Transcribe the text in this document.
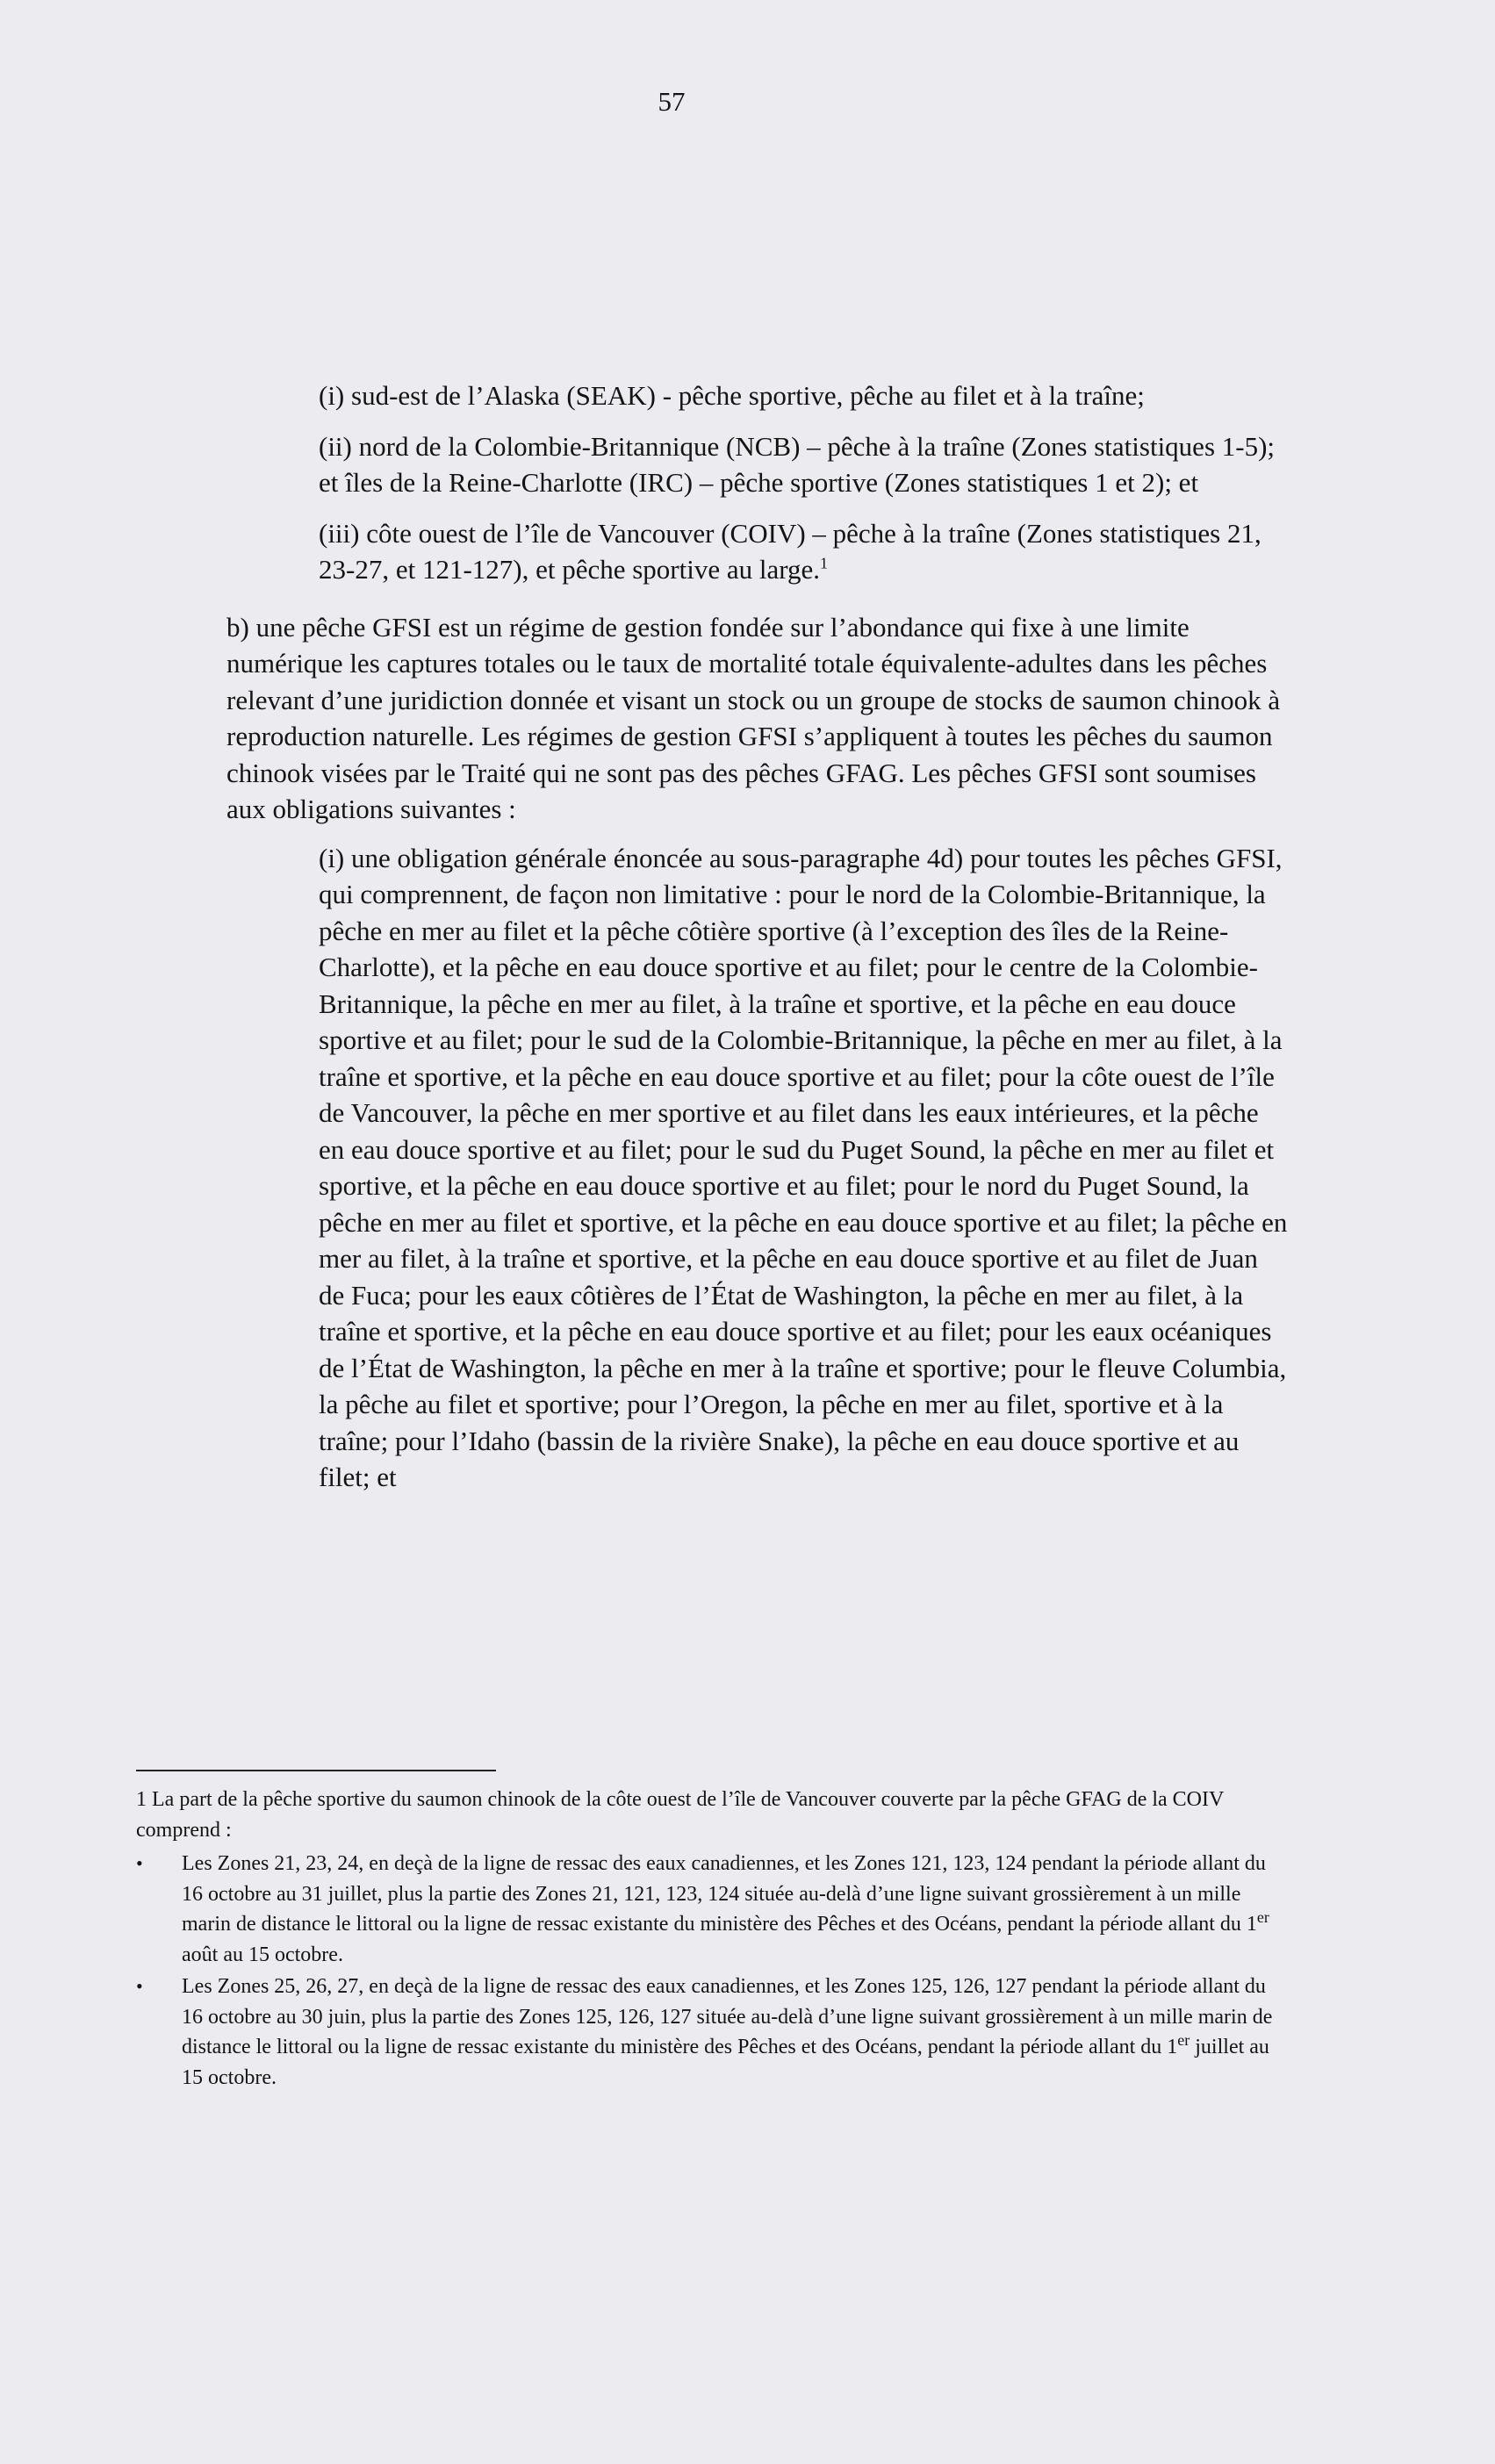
57

(i) sud-est de l’Alaska (SEAK) - pêche sportive, pêche au filet et à la traîne;

(ii) nord de la Colombie-Britannique (NCB) – pêche à la traîne (Zones statistiques 1-5); et îles de la Reine-Charlotte (IRC) – pêche sportive (Zones statistiques 1 et 2); et

(iii) côte ouest de l’île de Vancouver (COIV) – pêche à la traîne (Zones statistiques 21, 23-27, et 121-127), et pêche sportive au large.$^1$

b) une pêche GFSI est un régime de gestion fondée sur l’abondance qui fixe à une limite numérique les captures totales ou le taux de mortalité totale équivalente-adultes dans les pêches relevant d’une juridiction donnée et visant un stock ou un groupe de stocks de saumon chinook à reproduction naturelle. Les régimes de gestion GFSI s’appliquent à toutes les pêches du saumon chinook visées par le Traité qui ne sont pas des pêches GFAG. Les pêches GFSI sont soumises aux obligations suivantes :

(i) une obligation générale énoncée au sous-paragraphe 4d) pour toutes les pêches GFSI, qui comprennent, de façon non limitative : pour le nord de la Colombie-Britannique, la pêche en mer au filet et la pêche côtière sportive (à l’exception des îles de la Reine-Charlotte), et la pêche en eau douce sportive et au filet; pour le centre de la Colombie-Britannique, la pêche en mer au filet, à la traîne et sportive, et la pêche en eau douce sportive et au filet; pour le sud de la Colombie-Britannique, la pêche en mer au filet, à la traîne et sportive, et la pêche en eau douce sportive et au filet; pour la côte ouest de l’île de Vancouver, la pêche en mer sportive et au filet dans les eaux intérieures, et la pêche en eau douce sportive et au filet; pour le sud du Puget Sound, la pêche en mer au filet et sportive, et la pêche en eau douce sportive et au filet; pour le nord du Puget Sound, la pêche en mer au filet et sportive, et la pêche en eau douce sportive et au filet; la pêche en mer au filet, à la traîne et sportive, et la pêche en eau douce sportive et au filet de Juan de Fuca; pour les eaux côtières de l’État de Washington, la pêche en mer au filet, à la traîne et sportive, et la pêche en eau douce sportive et au filet; pour les eaux océaniques de l’État de Washington, la pêche en mer à la traîne et sportive; pour le fleuve Columbia, la pêche au filet et sportive; pour l’Oregon, la pêche en mer au filet, sportive et à la traîne; pour l’Idaho (bassin de la rivière Snake), la pêche en eau douce sportive et au filet; et

1 La part de la pêche sportive du saumon chinook de la côte ouest de l’île de Vancouver couverte par la pêche GFAG de la COIV comprend :

• Les Zones 21, 23, 24, en deçà de la ligne de ressac des eaux canadiennes, et les Zones 121, 123, 124 pendant la période allant du 16 octobre au 31 juillet, plus la partie des Zones 21, 121, 123, 124 située au-delà d’une ligne suivant grossièrement à un mille marin de distance le littoral ou la ligne de ressac existante du ministère des Pêches et des Océans, pendant la période allant du 1er août au 15 octobre.
• Les Zones 25, 26, 27, en deçà de la ligne de ressac des eaux canadiennes, et les Zones 125, 126, 127 pendant la période allant du 16 octobre au 30 juin, plus la partie des Zones 125, 126, 127 située au-delà d’une ligne suivant grossièrement à un mille marin de distance le littoral ou la ligne de ressac existante du ministère des Pêches et des Océans, pendant la période allant du 1er juillet au 15 octobre.
